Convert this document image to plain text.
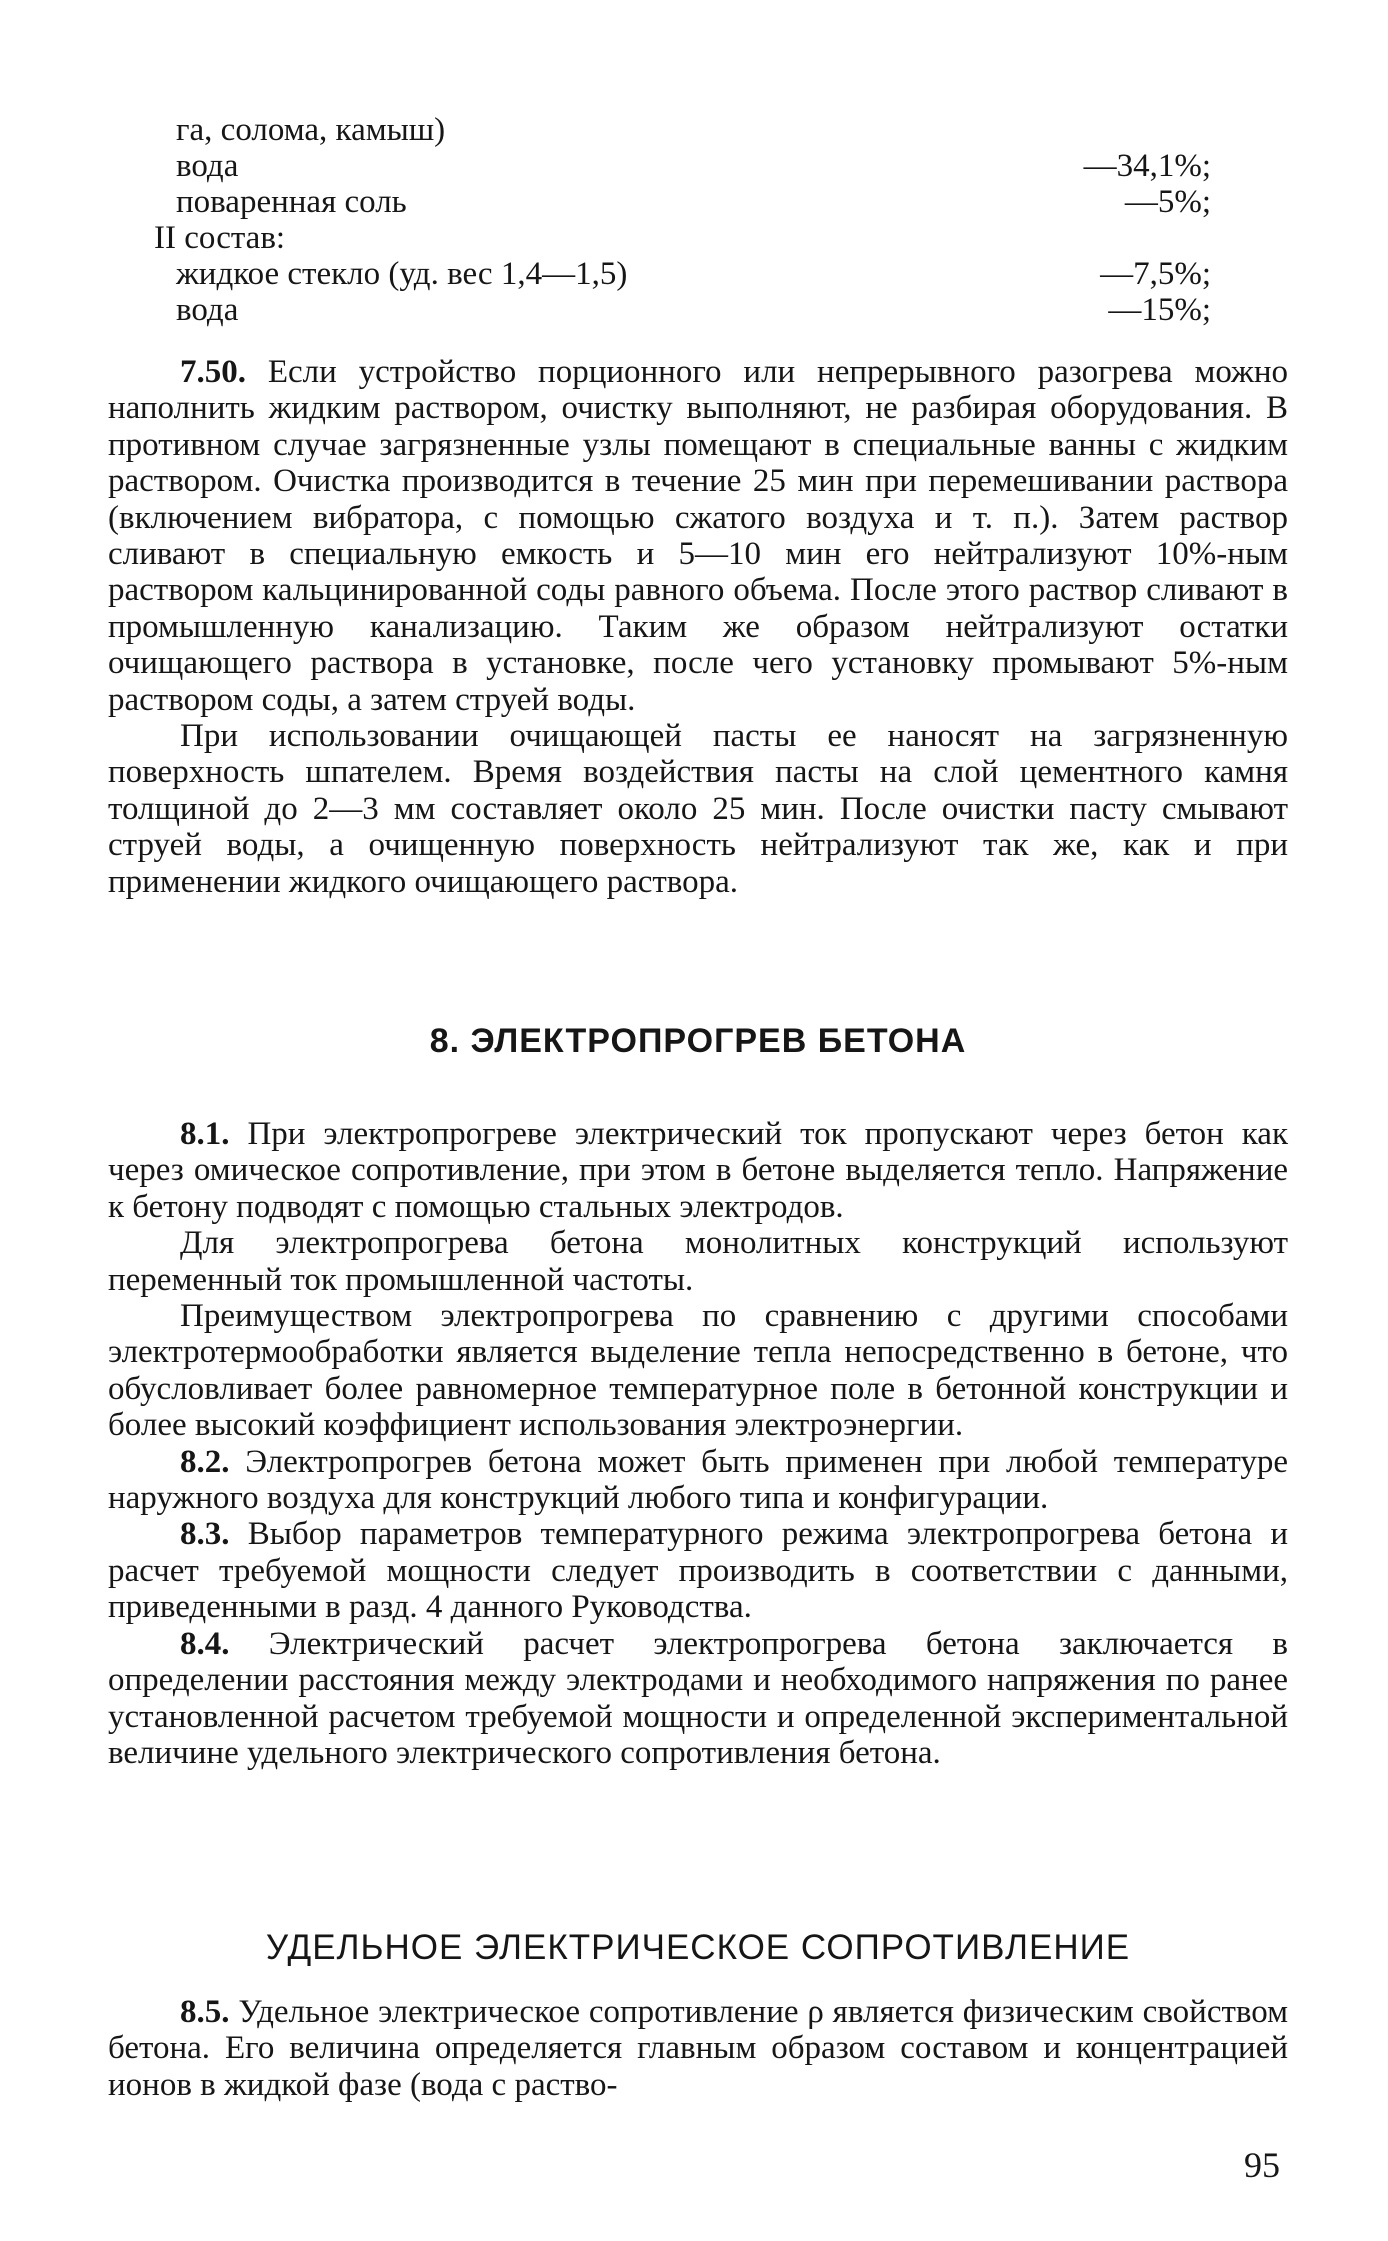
га, солома, камыш)
вода	—34,1%;
поваренная соль	—5%;
II состав:
жидкое стекло (уд. вес 1,4—1,5)	—7,5%;
вода	—15%;

7.50. Если устройство порционного или непрерывного разогрева можно наполнить жидким раствором, очистку выполняют, не разбирая оборудования. В противном случае загрязненные узлы помещают в специальные ванны с жидким раствором. Очистка производится в течение 25 мин при перемешивании раствора (включением вибратора, с помощью сжатого воздуха и т. п.). Затем раствор сливают в специальную емкость и 5—10 мин его нейтрализуют 10%-ным раствором кальцинированной соды равного объема. После этого раствор сливают в промышленную канализацию. Таким же образом нейтрализуют остатки очищающего раствора в установке, после чего установку промывают 5%-ным раствором соды, а затем струей воды.

При использовании очищающей пасты ее наносят на загрязненную поверхность шпателем. Время воздействия пасты на слой цементного камня толщиной до 2—3 мм составляет около 25 мин. После очистки пасту смывают струей воды, а очищенную поверхность нейтрализуют так же, как и при применении жидкого очищающего раствора.

8. ЭЛЕКТРОПРОГРЕВ БЕТОНА

8.1. При электропрогреве электрический ток пропускают через бетон как через омическое сопротивление, при этом в бетоне выделяется тепло. Напряжение к бетону подводят с помощью стальных электродов.

Для электропрогрева бетона монолитных конструкций используют переменный ток промышленной частоты.

Преимуществом электропрогрева по сравнению с другими способами электротермообработки является выделение тепла непосредственно в бетоне, что обусловливает более равномерное температурное поле в бетонной конструкции и более высокий коэффициент использования электроэнергии.

8.2. Электропрогрев бетона может быть применен при любой температуре наружного воздуха для конструкций любого типа и конфигурации.

8.3. Выбор параметров температурного режима электропрогрева бетона и расчет требуемой мощности следует производить в соответствии с данными, приведенными в разд. 4 данного Руководства.

8.4. Электрический расчет электропрогрева бетона заключается в определении расстояния между электродами и необходимого напряжения по ранее установленной расчетом требуемой мощности и определенной экспериментальной величине удельного электрического сопротивления бетона.

УДЕЛЬНОЕ ЭЛЕКТРИЧЕСКОЕ СОПРОТИВЛЕНИЕ

8.5. Удельное электрическое сопротивление ρ является физическим свойством бетона. Его величина определяется главным образом составом и концентрацией ионов в жидкой фазе (вода с раство-

95
